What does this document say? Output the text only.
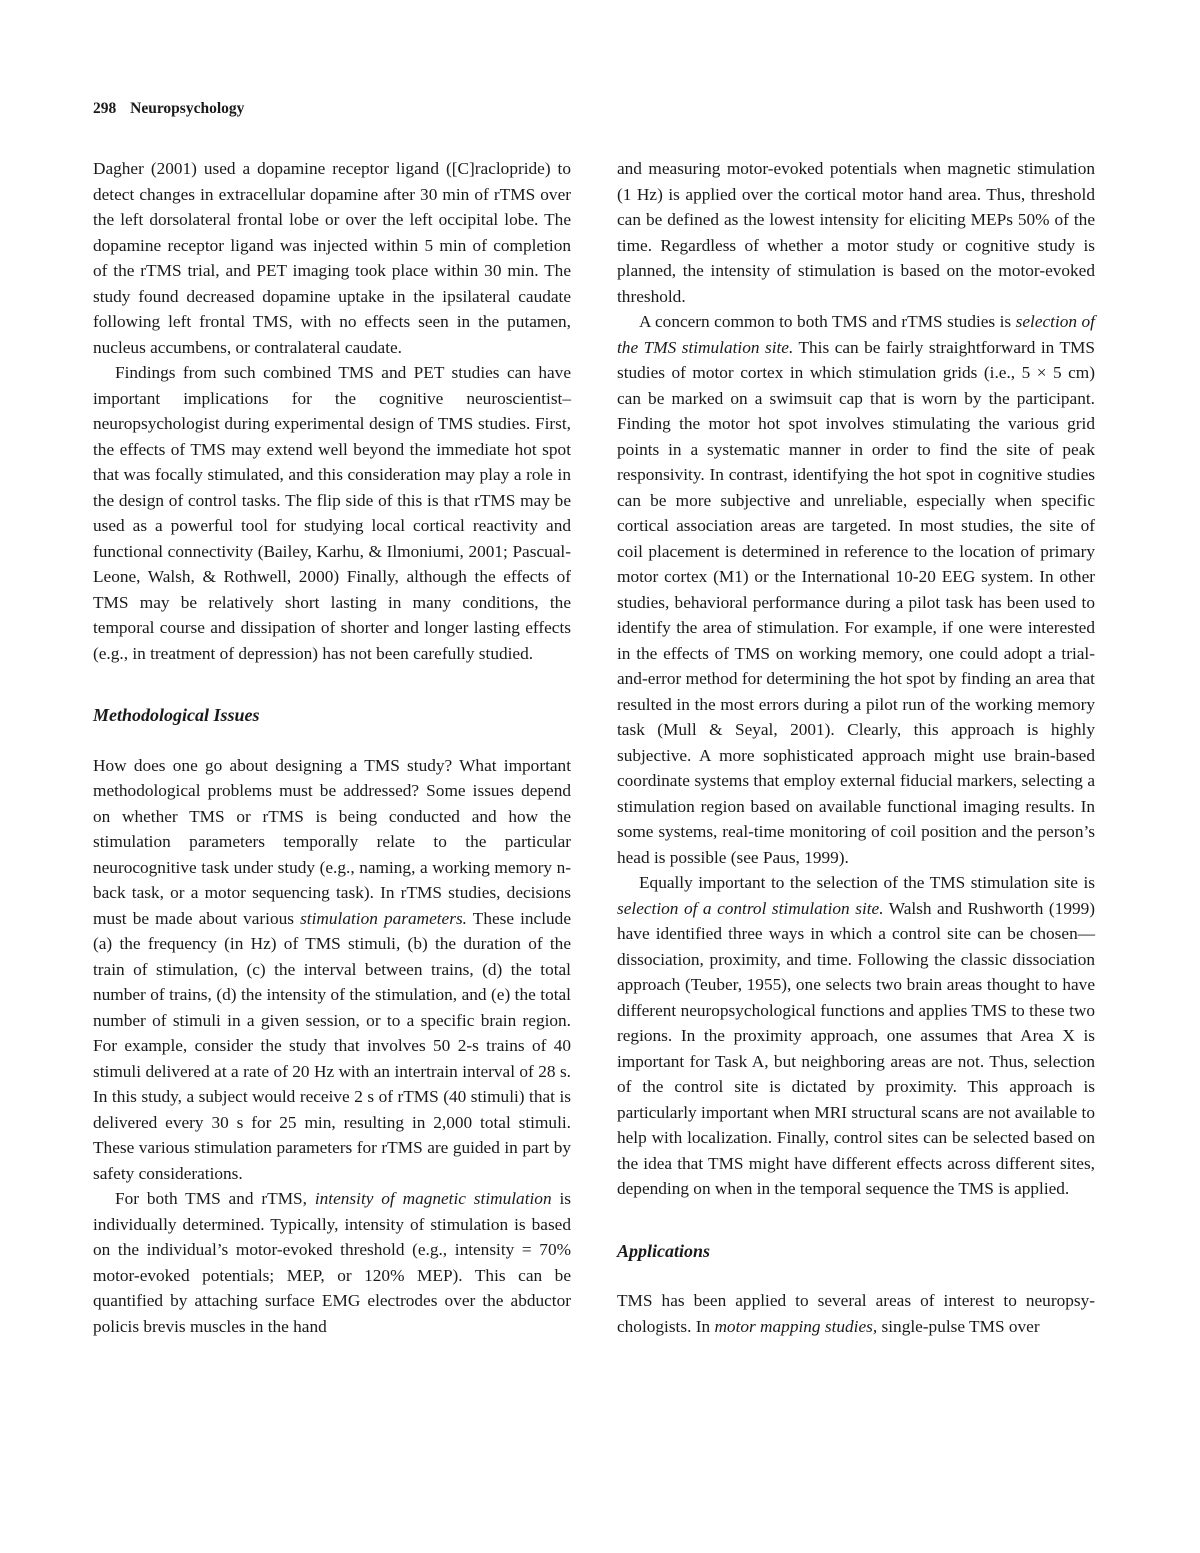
298 Neuropsychology

Dagher (2001) used a dopamine receptor ligand ([C]raclopride) to detect changes in extracellular dopamine after 30 min of rTMS over the left dorsolateral frontal lobe or over the left occipital lobe. The dopamine receptor ligand was injected within 5 min of completion of the rTMS trial, and PET imaging took place within 30 min. The study found decreased dopamine uptake in the ipsilateral caudate following left frontal TMS, with no effects seen in the putamen, nucleus accumbens, or contralateral caudate.

Findings from such combined TMS and PET studies can have important implications for the cognitive neuroscientist–neuropsychologist during experimental design of TMS studies. First, the effects of TMS may extend well beyond the immediate hot spot that was focally stimulated, and this consideration may play a role in the design of control tasks. The flip side of this is that rTMS may be used as a powerful tool for studying local cortical reactivity and functional connectivity (Bailey, Karhu, & Ilmoniumi, 2001; Pascual-Leone, Walsh, & Rothwell, 2000) Finally, although the effects of TMS may be relatively short lasting in many conditions, the temporal course and dissipation of shorter and longer lasting effects (e.g., in treatment of depression) has not been carefully studied.

Methodological Issues

How does one go about designing a TMS study? What important methodological problems must be addressed? Some issues depend on whether TMS or rTMS is being conducted and how the stimulation parameters temporally relate to the particular neurocognitive task under study (e.g., naming, a working memory n-back task, or a motor sequencing task). In rTMS studies, decisions must be made about various stimulation parameters. These include (a) the frequency (in Hz) of TMS stimuli, (b) the duration of the train of stimulation, (c) the interval between trains, (d) the total number of trains, (d) the intensity of the stimulation, and (e) the total number of stimuli in a given session, or to a specific brain region. For example, consider the study that involves 50 2-s trains of 40 stimuli delivered at a rate of 20 Hz with an intertrain interval of 28 s. In this study, a subject would receive 2 s of rTMS (40 stimuli) that is delivered every 30 s for 25 min, resulting in 2,000 total stimuli. These various stimulation parameters for rTMS are guided in part by safety considerations.

For both TMS and rTMS, intensity of magnetic stimulation is individually determined. Typically, intensity of stimulation is based on the individual’s motor-evoked threshold (e.g., intensity = 70% motor-evoked potentials; MEP, or 120% MEP). This can be quantified by attaching surface EMG electrodes over the abductor policis brevis muscles in the hand

and measuring motor-evoked potentials when magnetic stimulation (1 Hz) is applied over the cortical motor hand area. Thus, threshold can be defined as the lowest intensity for eliciting MEPs 50% of the time. Regardless of whether a motor study or cognitive study is planned, the intensity of stimulation is based on the motor-evoked threshold.

A concern common to both TMS and rTMS studies is selection of the TMS stimulation site. This can be fairly straightforward in TMS studies of motor cortex in which stimulation grids (i.e., 5 × 5 cm) can be marked on a swimsuit cap that is worn by the participant. Finding the motor hot spot involves stimulating the various grid points in a systematic manner in order to find the site of peak responsivity. In contrast, identifying the hot spot in cognitive studies can be more subjective and unreliable, especially when specific cortical association areas are targeted. In most studies, the site of coil placement is determined in reference to the location of primary motor cortex (M1) or the International 10-20 EEG system. In other studies, behavioral performance during a pilot task has been used to identify the area of stimulation. For example, if one were interested in the effects of TMS on working memory, one could adopt a trial-and-error method for determining the hot spot by finding an area that resulted in the most errors during a pilot run of the working memory task (Mull & Seyal, 2001). Clearly, this approach is highly subjective. A more sophisticated approach might use brain-based coordinate systems that employ external fiducial markers, selecting a stimulation region based on available functional imaging results. In some systems, real-time monitoring of coil position and the person’s head is possible (see Paus, 1999).

Equally important to the selection of the TMS stimulation site is selection of a control stimulation site. Walsh and Rushworth (1999) have identified three ways in which a control site can be chosen—dissociation, proximity, and time. Following the classic dissociation approach (Teuber, 1955), one selects two brain areas thought to have different neuropsychological functions and applies TMS to these two regions. In the proximity approach, one assumes that Area X is important for Task A, but neighboring areas are not. Thus, selection of the control site is dictated by proximity. This approach is particularly important when MRI structural scans are not available to help with localization. Finally, control sites can be selected based on the idea that TMS might have different effects across different sites, depending on when in the temporal sequence the TMS is applied.

Applications

TMS has been applied to several areas of interest to neuropsychologists. In motor mapping studies, single-pulse TMS over
